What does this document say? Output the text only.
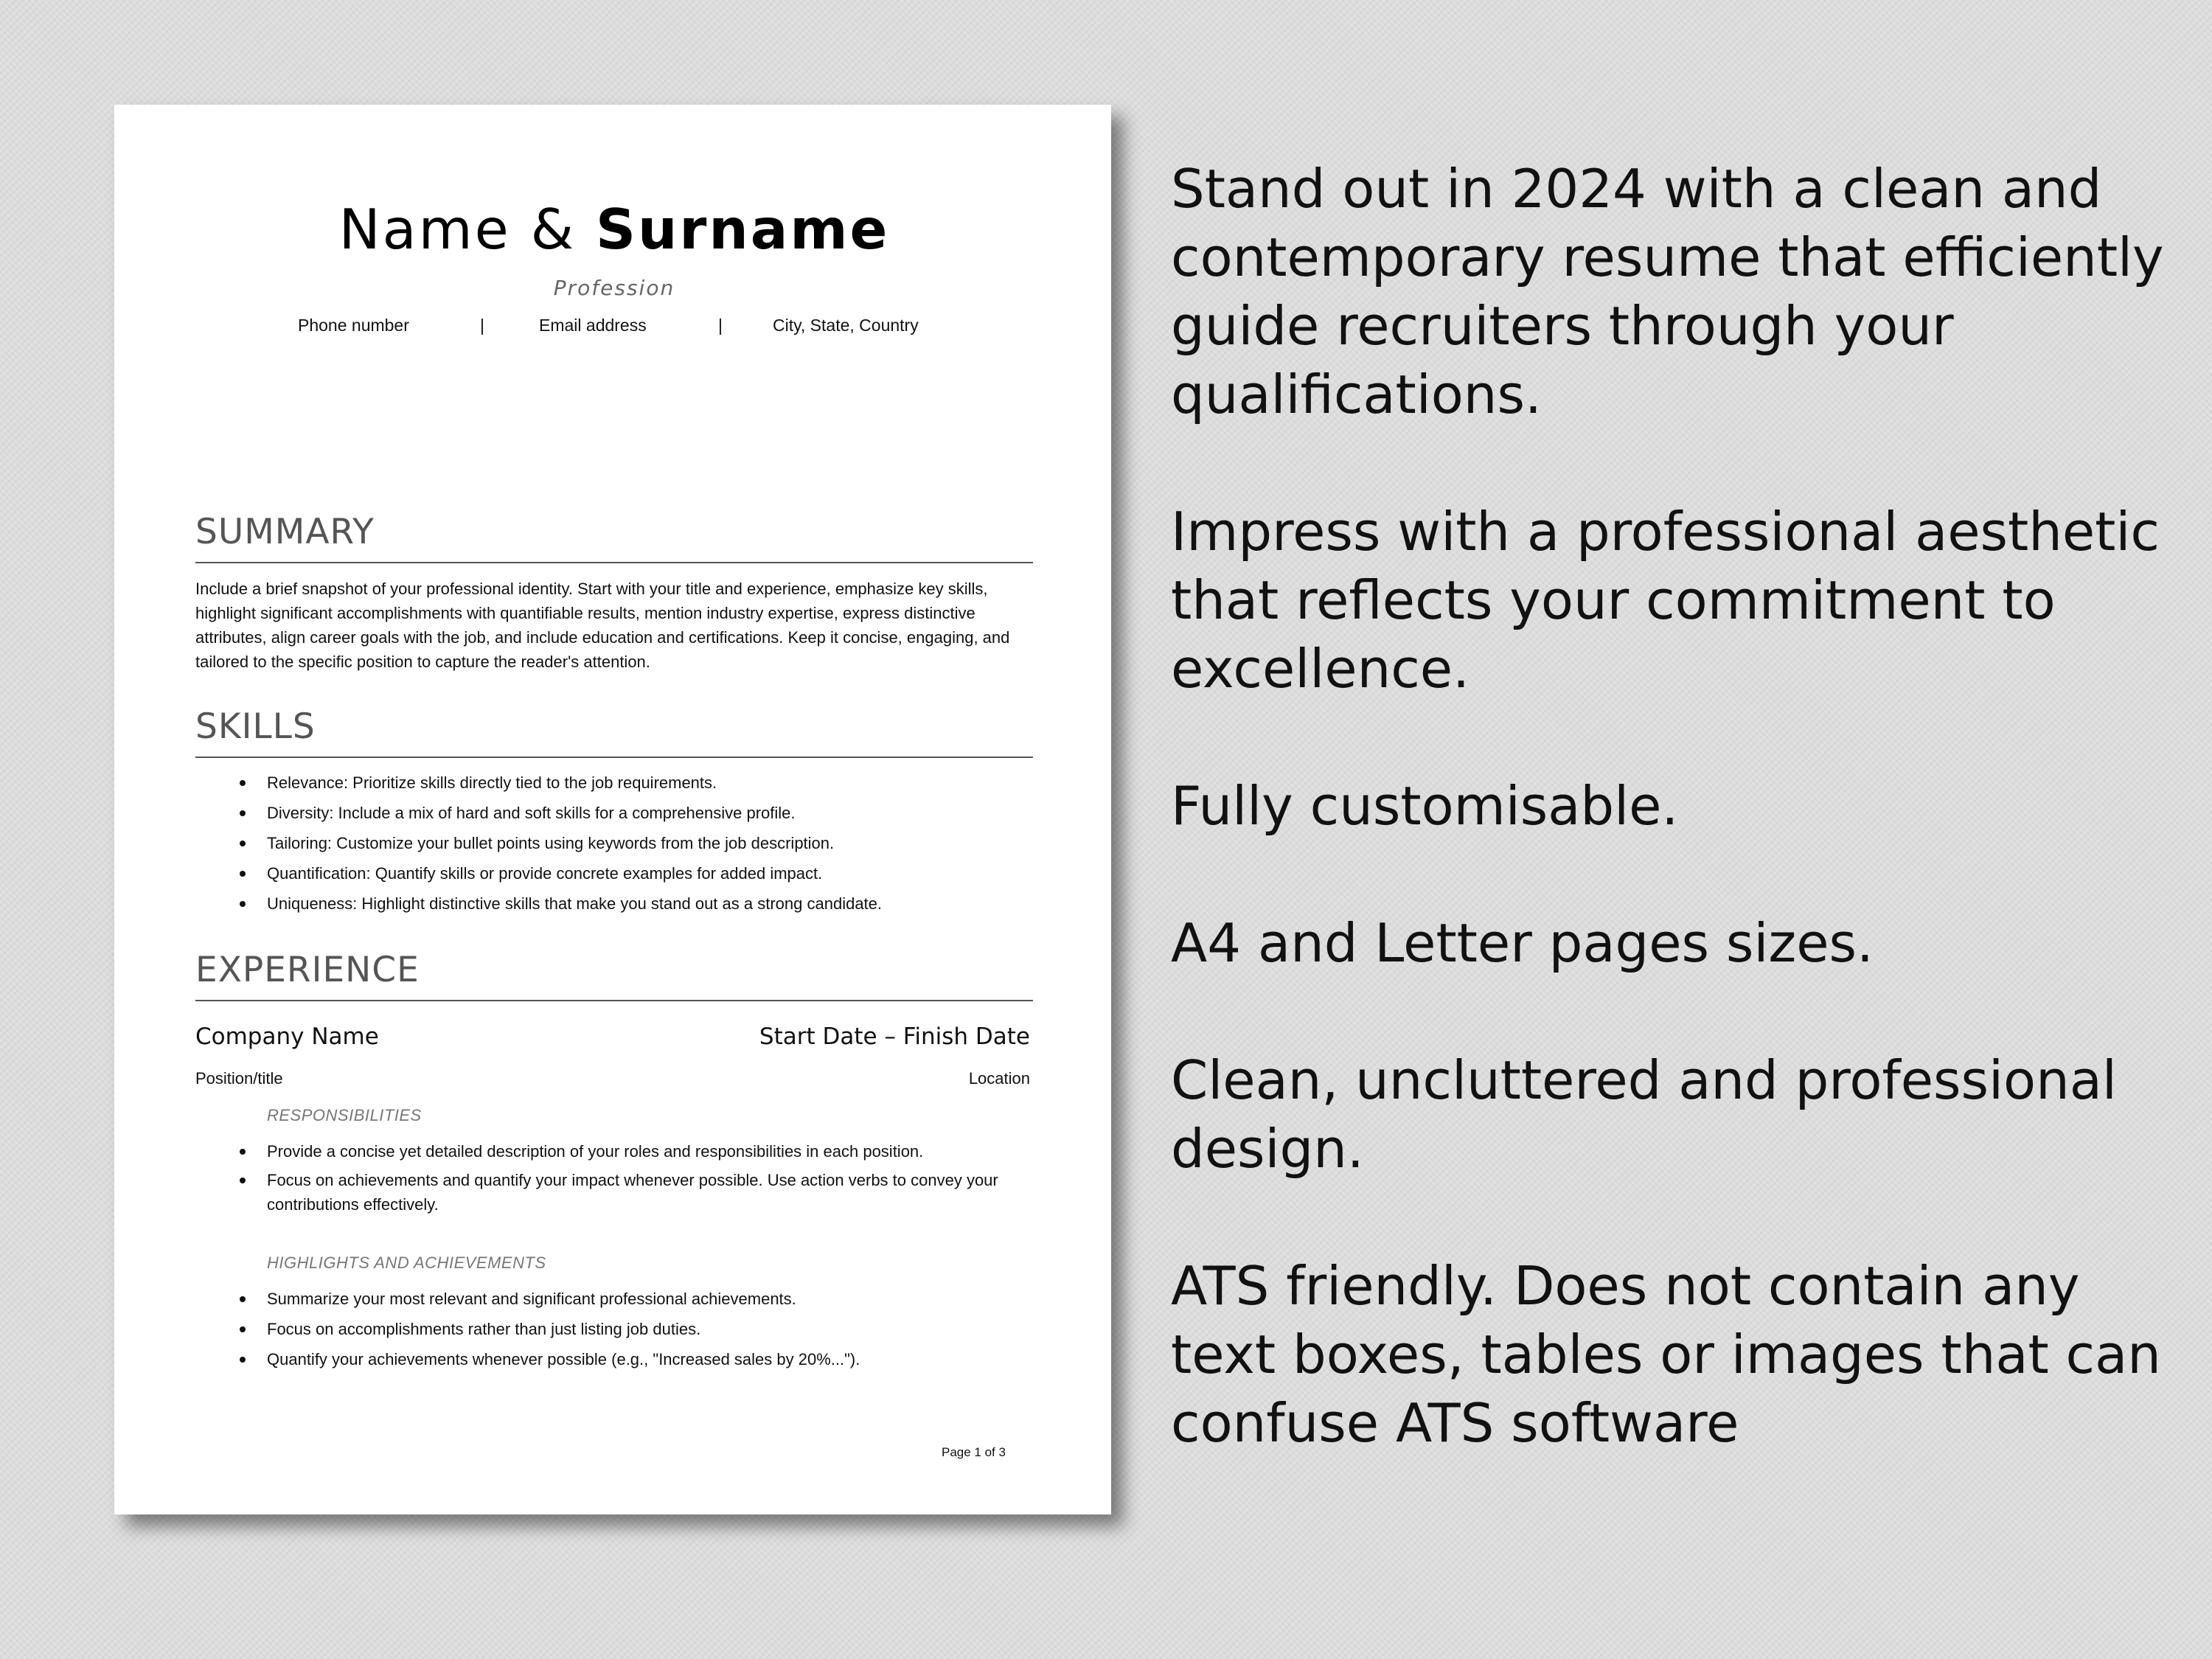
Name & Surname
Profession
Phone number	|	Email address	|	City, State, Country
SUMMARY

Include a brief snapshot of your professional identity. Start with your title and experience, emphasize key skills, highlight significant accomplishments with quantifiable results, mention industry expertise, express distinctive attributes, align career goals with the job, and include education and certifications. Keep it concise, engaging, and tailored to the specific position to capture the reader's attention.

SKILLS
Relevance: Prioritize skills directly tied to the job requirements.
Diversity: Include a mix of hard and soft skills for a comprehensive profile.
Tailoring: Customize your bullet points using keywords from the job description.
Quantification: Quantify skills or provide concrete examples for added impact.
Uniqueness: Highlight distinctive skills that make you stand out as a strong candidate.
EXPERIENCE
Company Name	Start Date – Finish Date
Position/title	Location
RESPONSIBILITIES
Provide a concise yet detailed description of your roles and responsibilities in each position.
Focus on achievements and quantify your impact whenever possible. Use action verbs to convey your contributions effectively.
HIGHLIGHTS AND ACHIEVEMENTS
Summarize your most relevant and significant professional achievements.
Focus on accomplishments rather than just listing job duties.
Quantify your achievements whenever possible (e.g., "Increased sales by 20%...").
Page 1 of 3

Stand out in 2024 with a clean and contemporary resume that efficiently guide recruiters through your qualifications.

Impress with a professional aesthetic that reflects your commitment to excellence.

Fully customisable.

A4 and Letter pages sizes.

Clean, uncluttered and professional design.

ATS friendly. Does not contain any text boxes, tables or images that can confuse ATS software
